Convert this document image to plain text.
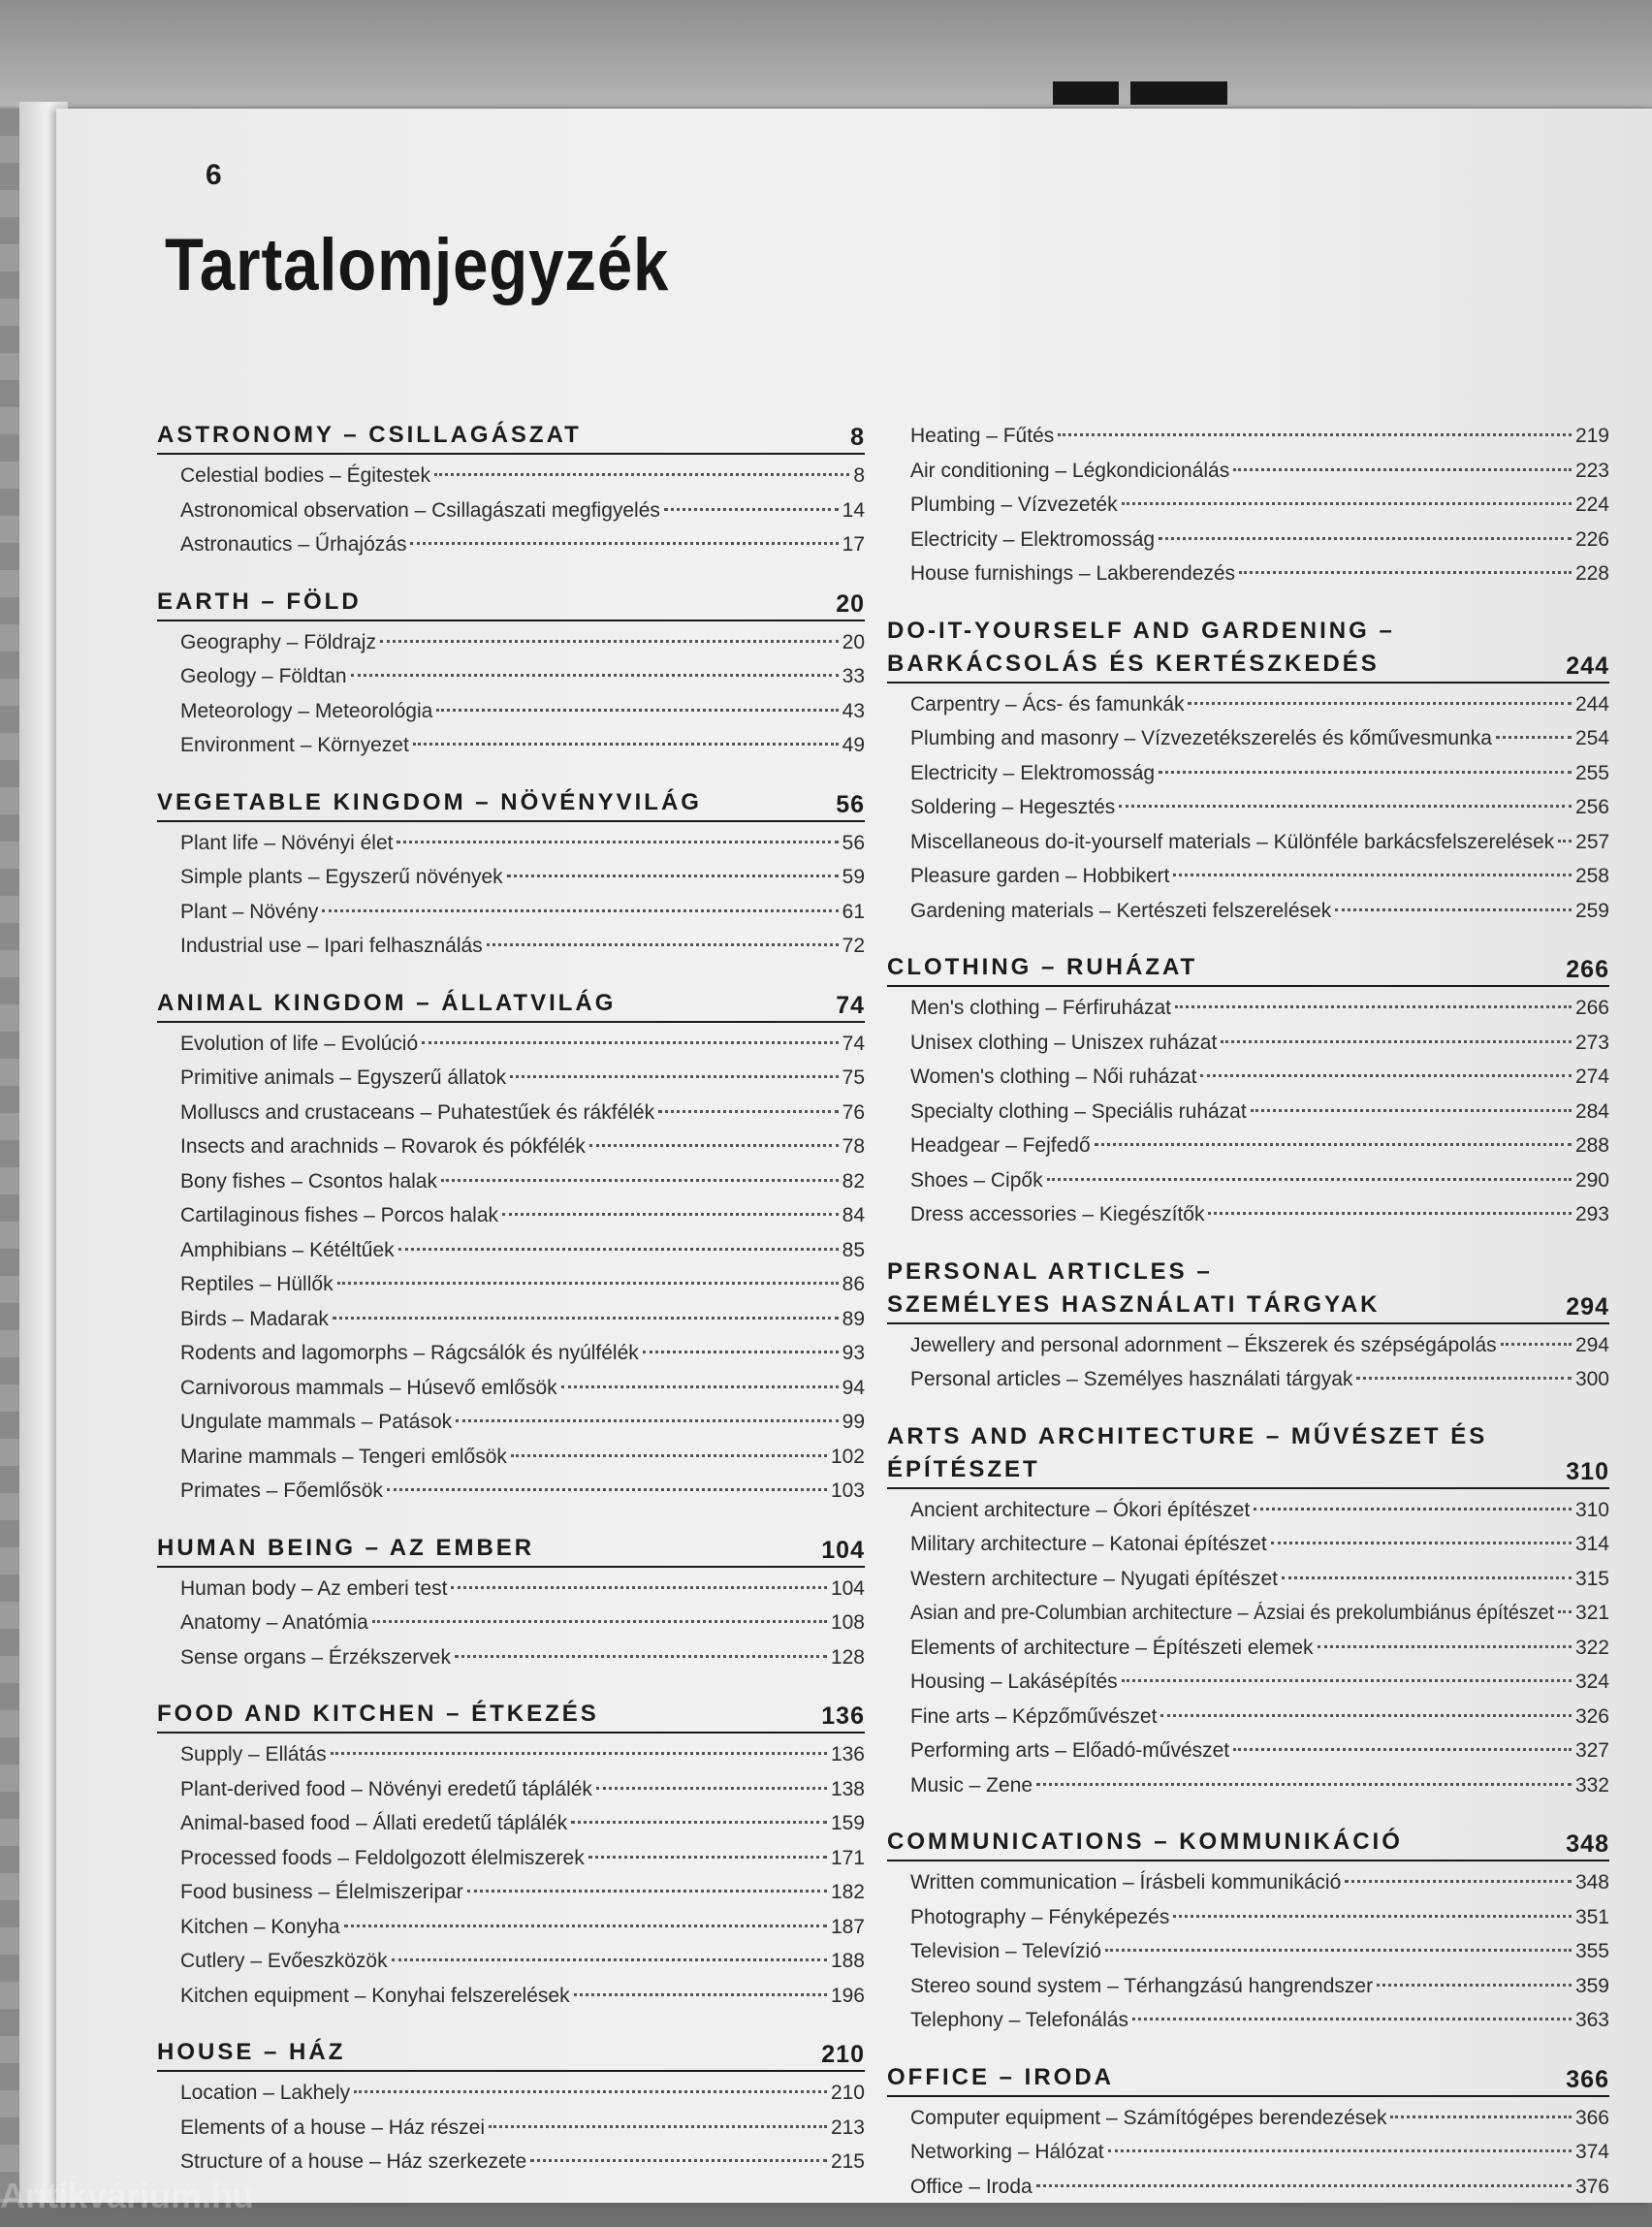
6
Tartalomjegyzék
ASTRONOMY – CSILLAGÁSZAT	8
Celestial bodies – Égitestek	8
Astronomical observation – Csillagászati megfigyelés	14
Astronautics – Űrhajózás	17
EARTH – FÖLD	20
Geography – Földrajz	20
Geology – Földtan	33
Meteorology – Meteorológia	43
Environment – Környezet	49
VEGETABLE KINGDOM – NÖVÉNYVILÁG	56
Plant life – Növényi élet	56
Simple plants – Egyszerű növények	59
Plant – Növény	61
Industrial use – Ipari felhasználás	72
ANIMAL KINGDOM – ÁLLATVILÁG	74
Evolution of life – Evolúció	74
Primitive animals – Egyszerű állatok	75
Molluscs and crustaceans – Puhatestűek és rákfélék	76
Insects and arachnids – Rovarok és pókfélék	78
Bony fishes – Csontos halak	82
Cartilaginous fishes – Porcos halak	84
Amphibians – Kétéltűek	85
Reptiles – Hüllők	86
Birds – Madarak	89
Rodents and lagomorphs – Rágcsálók és nyúlfélék	93
Carnivorous mammals – Húsevő emlősök	94
Ungulate mammals – Patások	99
Marine mammals – Tengeri emlősök	102
Primates – Főemlősök	103
HUMAN BEING – AZ EMBER	104
Human body – Az emberi test	104
Anatomy – Anatómia	108
Sense organs – Érzékszervek	128
FOOD AND KITCHEN – ÉTKEZÉS	136
Supply – Ellátás	136
Plant-derived food – Növényi eredetű táplálék	138
Animal-based food – Állati eredetű táplálék	159
Processed foods – Feldolgozott élelmiszerek	171
Food business – Élelmiszeripar	182
Kitchen – Konyha	187
Cutlery – Evőeszközök	188
Kitchen equipment – Konyhai felszerelések	196
HOUSE – HÁZ	210
Location – Lakhely	210
Elements of a house – Ház részei	213
Structure of a house – Ház szerkezete	215
Heating – Fűtés	219
Air conditioning – Légkondicionálás	223
Plumbing – Vízvezeték	224
Electricity – Elektromosság	226
House furnishings – Lakberendezés	228
DO-IT-YOURSELF AND GARDENING –
BARKÁCSOLÁS ÉS KERTÉSZKEDÉS	244
Carpentry – Ács- és famunkák	244
Plumbing and masonry – Vízvezetékszerelés és kőművesmunka	254
Electricity – Elektromosság	255
Soldering – Hegesztés	256
Miscellaneous do-it-yourself materials – Különféle barkácsfelszerelések 257
Pleasure garden – Hobbikert	258
Gardening materials – Kertészeti felszerelések	259
CLOTHING – RUHÁZAT	266
Men's clothing – Férfiruházat	266
Unisex clothing – Uniszex ruházat	273
Women's clothing – Női ruházat	274
Specialty clothing – Speciális ruházat	284
Headgear – Fejfedő	288
Shoes – Cipők	290
Dress accessories – Kiegészítők	293
PERSONAL ARTICLES –
SZEMÉLYES HASZNÁLATI TÁRGYAK	294
Jewellery and personal adornment – Ékszerek és szépségápolás	294
Personal articles – Személyes használati tárgyak	300
ARTS AND ARCHITECTURE – MŰVÉSZET ÉS
ÉPÍTÉSZET	310
Ancient architecture – Ókori építészet	310
Military architecture – Katonai építészet	314
Western architecture – Nyugati építészet	315
Asian and pre-Columbian architecture – Ázsiai és prekolumbiánus építészet 321
Elements of architecture – Építészeti elemek	322
Housing – Lakásépítés	324
Fine arts – Képzőművészet	326
Performing arts – Előadó-művészet	327
Music – Zene	332
COMMUNICATIONS – KOMMUNIKÁCIÓ	348
Written communication – Írásbeli kommunikáció	348
Photography – Fényképezés	351
Television – Televízió	355
Stereo sound system – Térhangzású hangrendszer	359
Telephony – Telefonálás	363
OFFICE – IRODA	366
Computer equipment – Számítógépes berendezések	366
Networking – Hálózat	374
Office – Iroda	376
Antikvárium.hu
